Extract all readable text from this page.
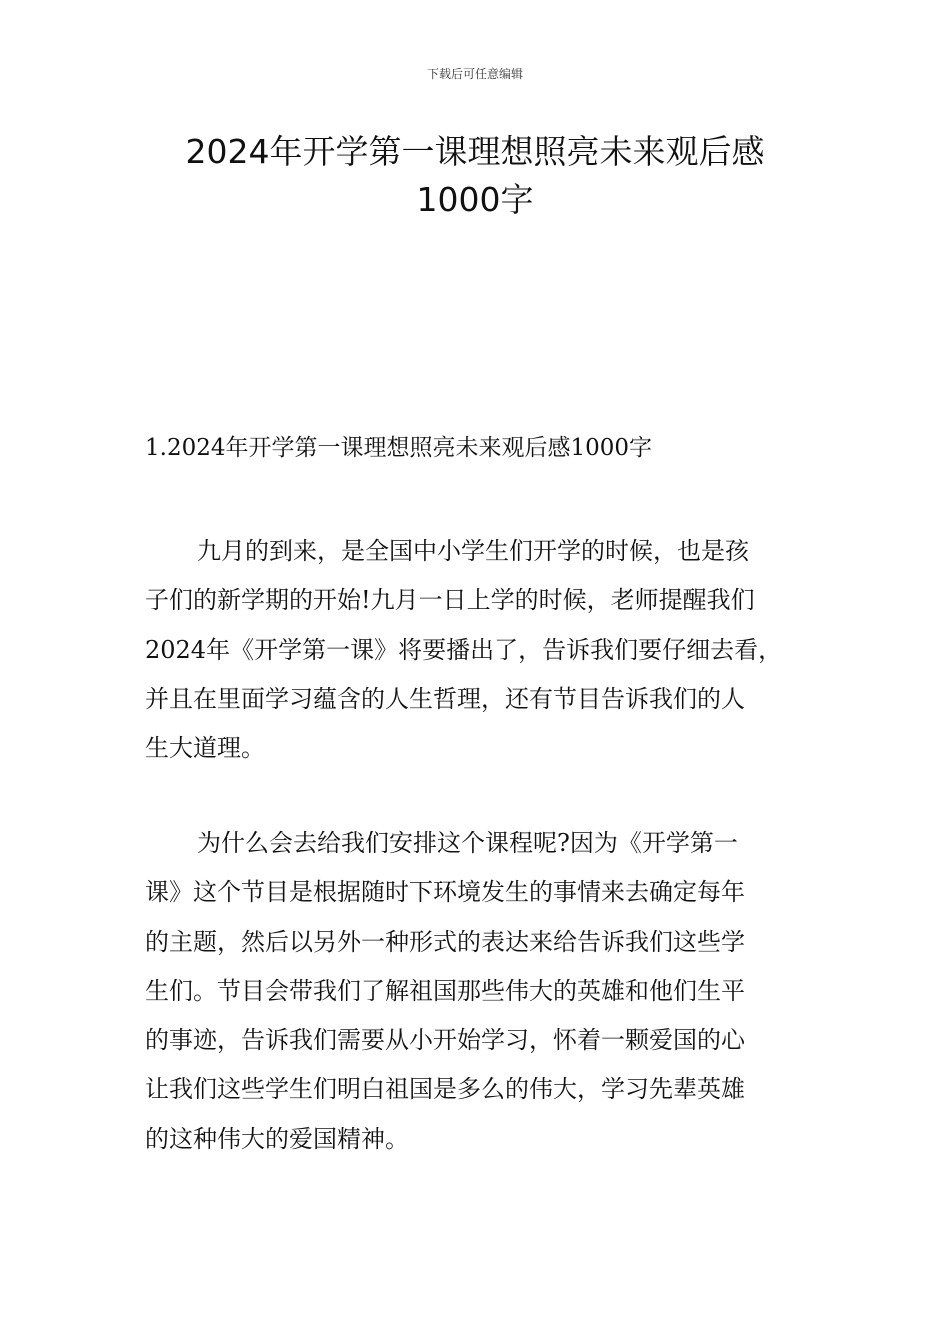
下载后可任意编辑
2024年开学第一课理想照亮未来观后感
1000字
1.2024年开学第一课理想照亮未来观后感1000字

九月的到来，是全国中小学生们开学的时候，也是孩
子们的新学期的开始!九月一日上学的时候，老师提醒我们
2024年《开学第一课》将要播出了，告诉我们要仔细去看，
并且在里面学习蕴含的人生哲理，还有节目告诉我们的人
生大道理。

为什么会去给我们安排这个课程呢?因为《开学第一
课》这个节目是根据随时下环境发生的事情来去确定每年
的主题，然后以另外一种形式的表达来给告诉我们这些学
生们。节目会带我们了解祖国那些伟大的英雄和他们生平
的事迹，告诉我们需要从小开始学习，怀着一颗爱国的心
让我们这些学生们明白祖国是多么的伟大，学习先辈英雄
的这种伟大的爱国精神。
